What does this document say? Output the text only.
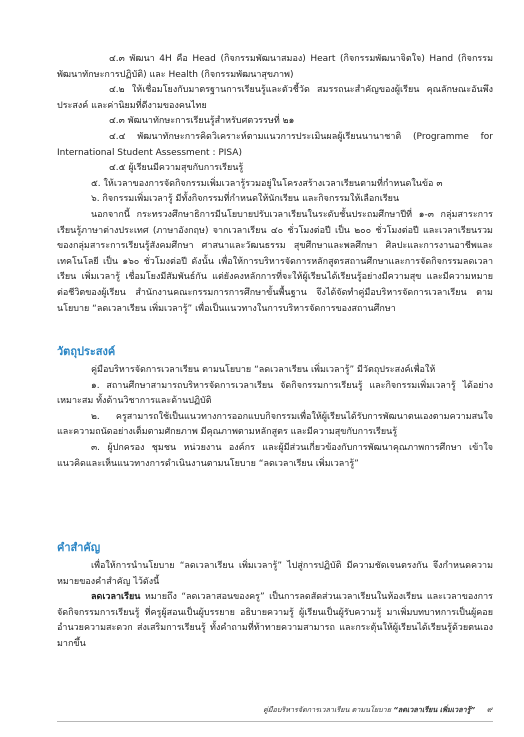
๔.๓ พัฒนา 4H คือ Head (กิจกรรมพัฒนาสมอง) Heart (กิจกรรมพัฒนาจิตใจ) Hand (กิจกรรมพัฒนาทักษะการปฏิบัติ) และ Health (กิจกรรมพัฒนาสุขภาพ)

๔.๒ ให้เชื่อมโยงกับมาตรฐานการเรียนรู้และตัวชี้วัด สมรรถนะสำคัญของผู้เรียน คุณลักษณะอันพึงประสงค์ และค่านิยมที่ดีงามของคนไทย

๔.๓ พัฒนาทักษะการเรียนรู้สำหรับศตวรรษที่ ๒๑

๔.๔ พัฒนาทักษะการคิดวิเคราะห์ตามแนวการประเมินผลผู้เรียนนานาชาติ (Programme for International Student Assessment : PISA)

๔.๕ ผู้เรียนมีความสุขกับการเรียนรู้

๕. ให้เวลาของการจัดกิจกรรมเพิ่มเวลารู้รวมอยู่ในโครงสร้างเวลาเรียนตามที่กำหนดในข้อ ๓

๖. กิจกรรมเพิ่มเวลารู้ มีทั้งกิจกรรมที่กำหนดให้นักเรียน และกิจกรรมให้เลือกเรียน

นอกจากนี้ กระทรวงศึกษาธิการมีนโยบายปรับเวลาเรียนในระดับชั้นประถมศึกษาปีที่ ๑-๓ กลุ่มสาระการเรียนรู้ภาษาต่างประเทศ (ภาษาอังกฤษ) จากเวลาเรียน ๔๐ ชั่วโมงต่อปี เป็น ๒๐๐ ชั่วโมงต่อปี และเวลาเรียนรวมของกลุ่มสาระการเรียนรู้สังคมศึกษา ศาสนาและวัฒนธรรม สุขศึกษาและพลศึกษา ศิลปะและการงานอาชีพและเทคโนโลยี เป็น ๑๖๐ ชั่วโมงต่อปี ดังนั้น เพื่อให้การบริหารจัดการหลักสูตรสถานศึกษาและการจัดกิจกรรมลดเวลาเรียน เพิ่มเวลารู้ เชื่อมโยงมีสัมพันธ์กัน แต่ยังคงหลักการที่จะให้ผู้เรียนได้เรียนรู้อย่างมีความสุข และมีความหมายต่อชีวิตของผู้เรียน สำนักงานคณะกรรมการการศึกษาขั้นพื้นฐาน จึงได้จัดทำคู่มือบริหารจัดการเวลาเรียน ตามนโยบาย “ลดเวลาเรียน เพิ่มเวลารู้” เพื่อเป็นแนวทางในการบริหารจัดการของสถานศึกษา

วัตถุประสงค์

คู่มือบริหารจัดการเวลาเรียน ตามนโยบาย “ลดเวลาเรียน เพิ่มเวลารู้” มีวัตถุประสงค์เพื่อให้

๑. สถานศึกษาสามารถบริหารจัดการเวลาเรียน จัดกิจกรรมการเรียนรู้ และกิจกรรมเพิ่มเวลารู้ ได้อย่างเหมาะสม ทั้งด้านวิชาการและด้านปฏิบัติ

๒. ครูสามารถใช้เป็นแนวทางการออกแบบกิจกรรมเพื่อให้ผู้เรียนได้รับการพัฒนาตนเองตามความสนใจและความถนัดอย่างเต็มตามศักยภาพ มีคุณภาพตามหลักสูตร และมีความสุขกับการเรียนรู้

๓. ผู้ปกครอง ชุมชน หน่วยงาน องค์กร และผู้มีส่วนเกี่ยวข้องกับการพัฒนาคุณภาพการศึกษา เข้าใจแนวคิดและเห็นแนวทางการดำเนินงานตามนโยบาย “ลดเวลาเรียน เพิ่มเวลารู้”

คำสำคัญ

เพื่อให้การนำนโยบาย “ลดเวลาเรียน เพิ่มเวลารู้” ไปสู่การปฏิบัติ มีความชัดเจนตรงกัน จึงกำหนดความหมายของคำสำคัญ ไว้ดังนี้

ลดเวลาเรียน หมายถึง “ลดเวลาสอนของครู” เป็นการลดสัดส่วนเวลาเรียนในห้องเรียน และเวลาของการจัดกิจกรรมการเรียนรู้ ที่ครูผู้สอนเป็นผู้บรรยาย อธิบายความรู้ ผู้เรียนเป็นผู้รับความรู้ มาเพิ่มบทบาทการเป็นผู้คอยอำนวยความสะดวก ส่งเสริมการเรียนรู้ ทั้งคำถามที่ท้าทายความสามารถ และกระตุ้นให้ผู้เรียนได้เรียนรู้ด้วยตนเองมากขึ้น

คู่มือบริหารจัดการเวลาเรียน ตามนโยบาย “ลดเวลาเรียน เพิ่มเวลารู้” ๙
